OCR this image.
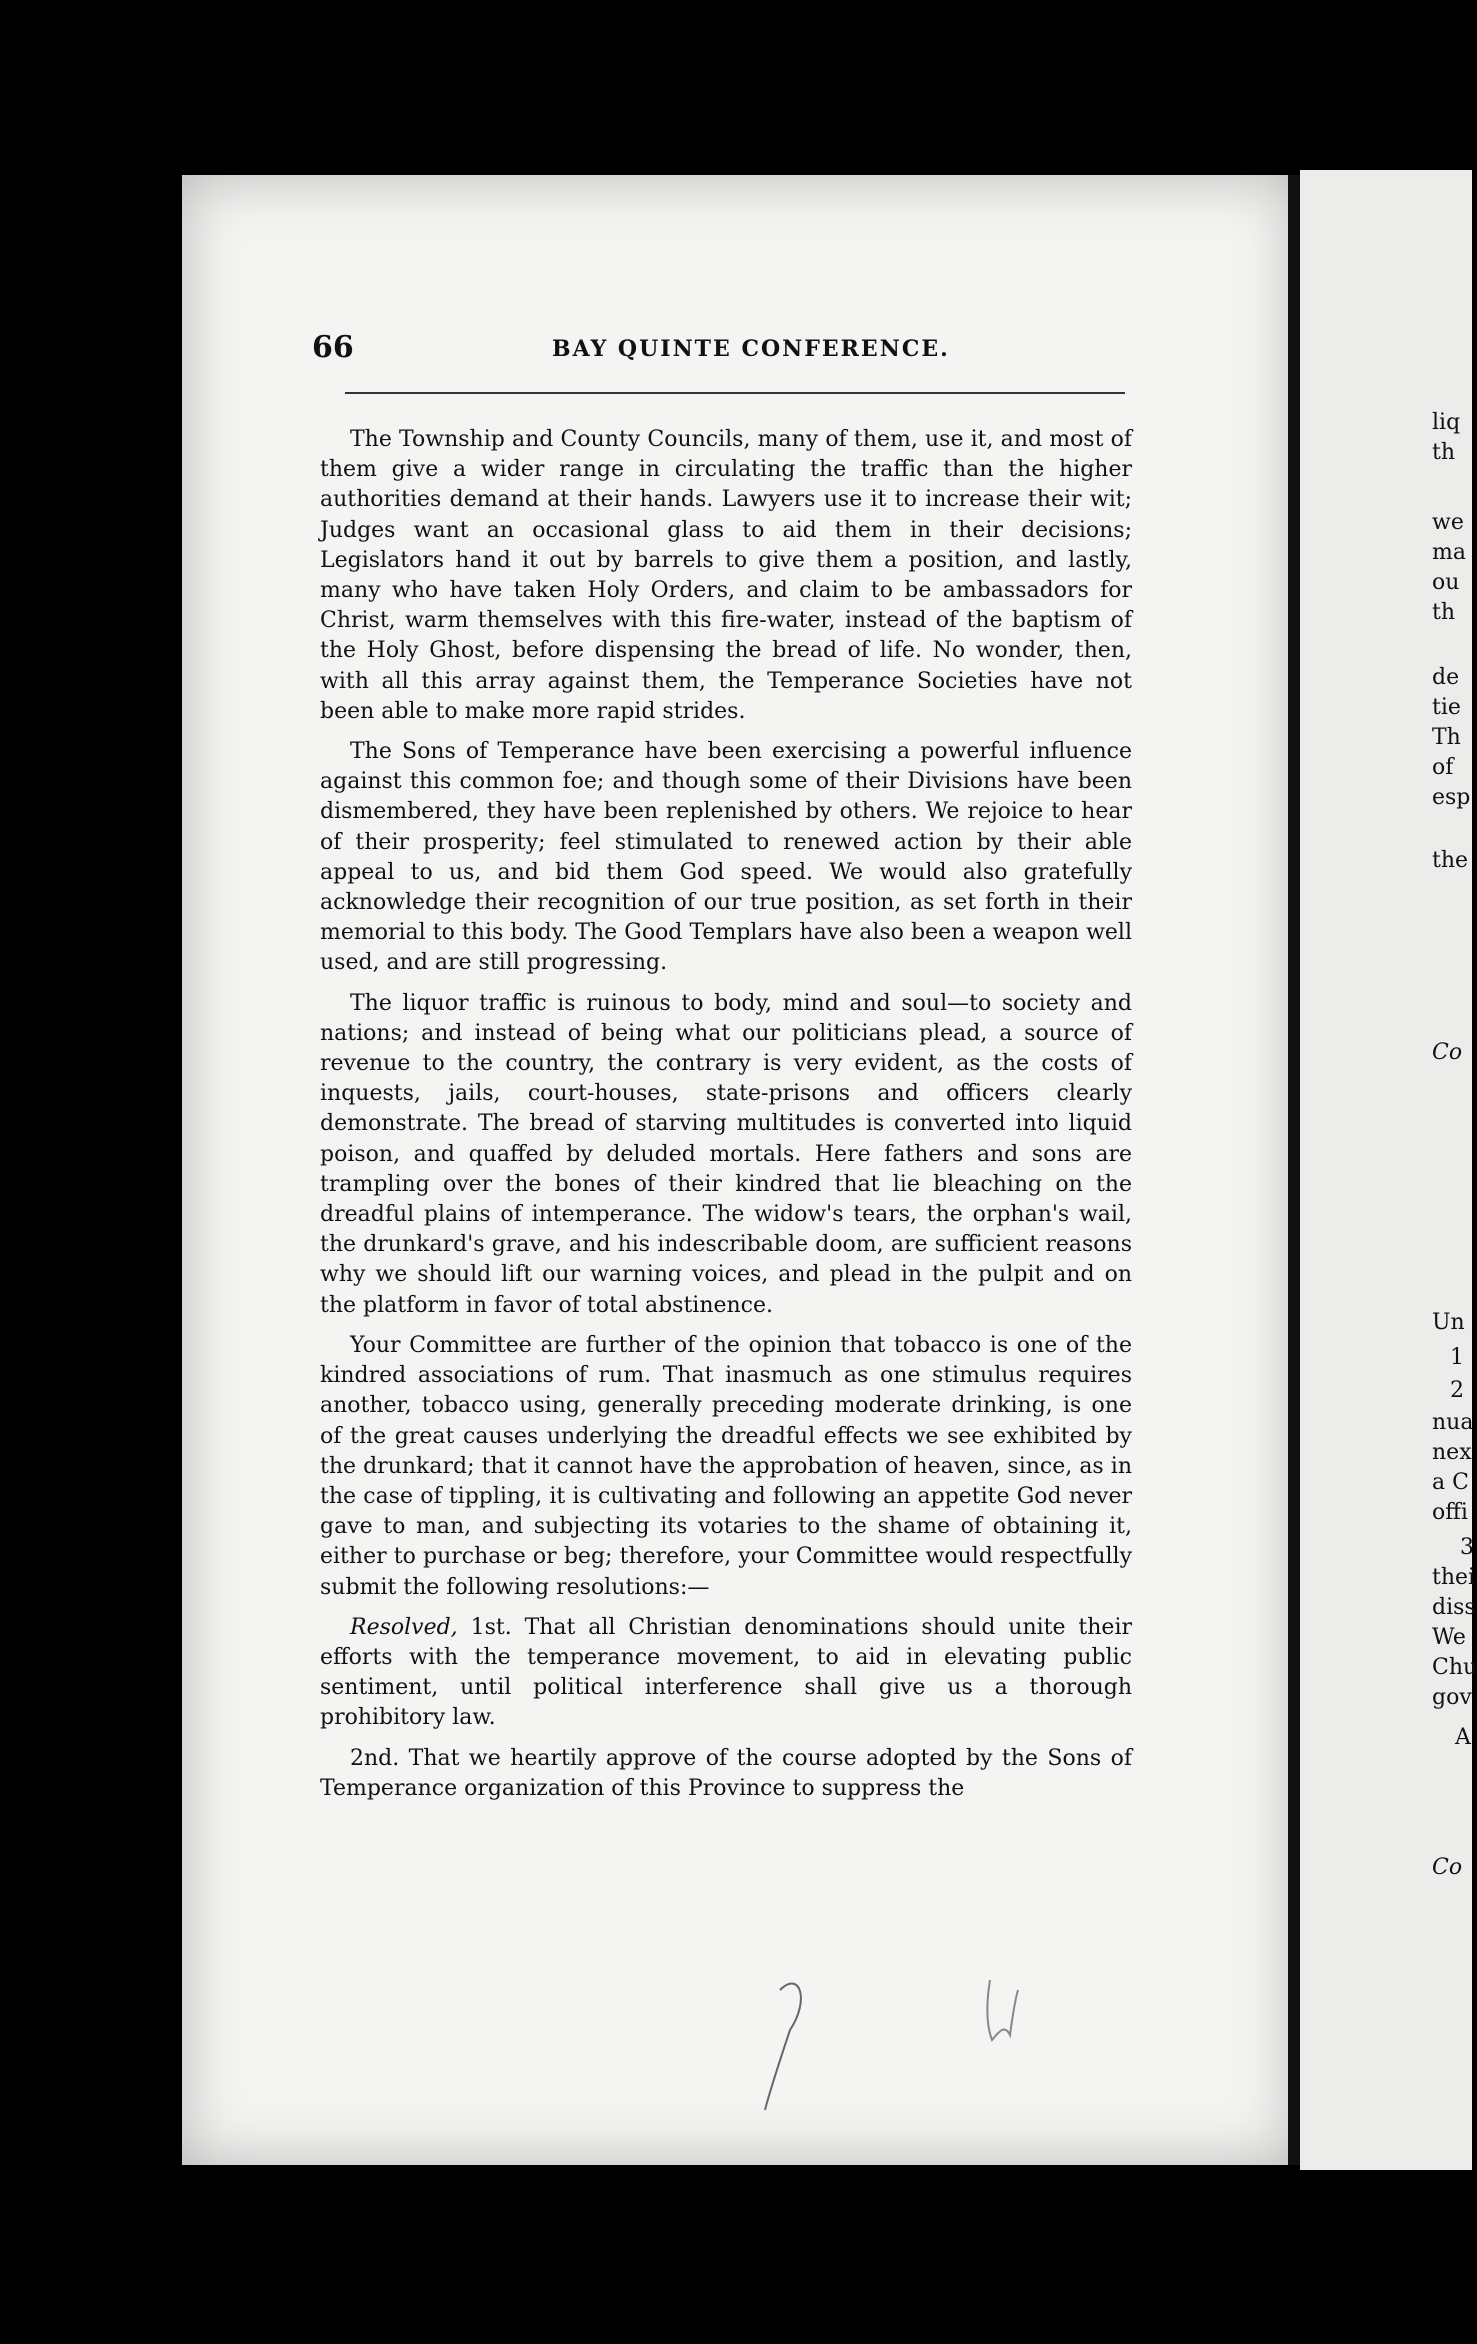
66	BAY QUINTE CONFERENCE.

The Township and County Councils, many of them, use it, and most of them give a wider range in circulating the traffic than the higher authorities demand at their hands. Lawyers use it to increase their wit; Judges want an occasional glass to aid them in their decisions; Legislators hand it out by barrels to give them a position, and lastly, many who have taken Holy Orders, and claim to be ambassadors for Christ, warm themselves with this fire-water, instead of the baptism of the Holy Ghost, before dispensing the bread of life. No wonder, then, with all this array against them, the Temperance Societies have not been able to make more rapid strides.

The Sons of Temperance have been exercising a powerful influence against this common foe; and though some of their Divisions have been dismembered, they have been replenished by others. We rejoice to hear of their prosperity; feel stimulated to renewed action by their able appeal to us, and bid them God speed. We would also gratefully acknowledge their recognition of our true position, as set forth in their memorial to this body. The Good Templars have also been a weapon well used, and are still progressing.

The liquor traffic is ruinous to body, mind and soul—to society and nations; and instead of being what our politicians plead, a source of revenue to the country, the contrary is very evident, as the costs of inquests, jails, court-houses, state-prisons and officers clearly demonstrate. The bread of starving multitudes is converted into liquid poison, and quaffed by deluded mortals. Here fathers and sons are trampling over the bones of their kindred that lie bleaching on the dreadful plains of intemperance. The widow's tears, the orphan's wail, the drunkard's grave, and his indescribable doom, are sufficient reasons why we should lift our warning voices, and plead in the pulpit and on the platform in favor of total abstinence.

Your Committee are further of the opinion that tobacco is one of the kindred associations of rum. That inasmuch as one stimulus requires another, tobacco using, generally preceding moderate drinking, is one of the great causes underlying the dreadful effects we see exhibited by the drunkard; that it cannot have the approbation of heaven, since, as in the case of tippling, it is cultivating and following an appetite God never gave to man, and subjecting its votaries to the shame of obtaining it, either to purchase or beg; therefore, your Committee would respectfully submit the following resolutions:—

Resolved, 1st. That all Christian denominations should unite their efforts with the temperance movement, to aid in elevating public sentiment, until political interference shall give us a thorough prohibitory law.

2nd. That we heartily approve of the course adopted by the Sons of Temperance organization of this Province to suppress the

liq
th
we
ma
ou
th
de
tie
Th
of
esp
the
Co
Un
1
2
nua
nex
a C
offi
3
thei
diss
We
Chu
gov
A
Co
